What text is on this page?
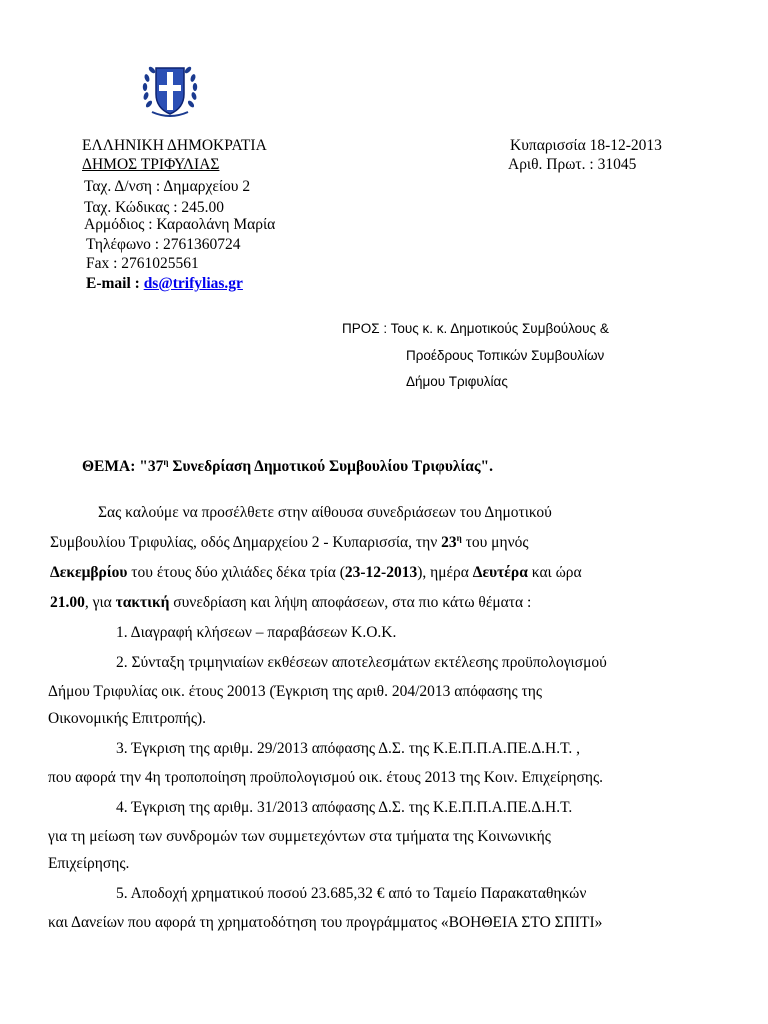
ΕΛΛΗΝΙΚΗ ΔΗΜΟΚΡΑΤΙΑ
ΔΗΜΟΣ ΤΡΙΦΥΛΙΑΣ
Ταχ. Δ/νση : Δημαρχείου 2
Ταχ. Κώδικας : 245.00
Αρμόδιος : Καραολάνη Μαρία
Τηλέφωνο : 2761360724
Fax : 2761025561
E-mail : ds@trifylias.gr
Κυπαρισσία 18-12-2013
Αριθ. Πρωτ. : 31045
ΠΡΟΣ : Τους κ. κ. Δημοτικούς Συμβούλους &
Προέδρους Τοπικών Συμβουλίων
Δήμου Τριφυλίας
ΘΕΜΑ: "$37^\eta$ Συνεδρίαση Δημοτικού Συμβουλίου Τριφυλίας".
Σας καλούμε να προσέλθετε στην αίθουσα συνεδριάσεων του Δημοτικού
Συμβουλίου Τριφυλίας, οδός Δημαρχείου 2 - Κυπαρισσία, την $23^\eta$ του μηνός
Δεκεμβρίου του έτους δύο χιλιάδες δέκα τρία (23-12-2013), ημέρα Δευτέρα και ώρα
21.00, για τακτική συνεδρίαση και λήψη αποφάσεων, στα πιο κάτω θέματα :
1. Διαγραφή κλήσεων – παραβάσεων Κ.Ο.Κ.
2. Σύνταξη τριμηνιαίων εκθέσεων αποτελεσμάτων εκτέλεσης προϋπολογισμού
Δήμου Τριφυλίας οικ. έτους 20013 (Έγκριση της αριθ. 204/2013 απόφασης της
Οικονομικής Επιτροπής).
3. Έγκριση της αριθμ. 29/2013 απόφασης Δ.Σ. της Κ.Ε.Π.Π.Α.ΠΕ.Δ.Η.Τ. ,
που αφορά την 4η τροποποίηση προϋπολογισμού οικ. έτους 2013 της Κοιν. Επιχείρησης.
4. Έγκριση της αριθμ. 31/2013 απόφασης Δ.Σ. της Κ.Ε.Π.Π.Α.ΠΕ.Δ.Η.Τ.
για τη μείωση των συνδρομών των συμμετεχόντων στα τμήματα της Κοινωνικής
Επιχείρησης.
5. Αποδοχή χρηματικού ποσού 23.685,32 € από το Ταμείο Παρακαταθηκών
και Δανείων που αφορά τη χρηματοδότηση του προγράμματος «ΒΟΗΘΕΙΑ ΣΤΟ ΣΠΙΤΙ»
